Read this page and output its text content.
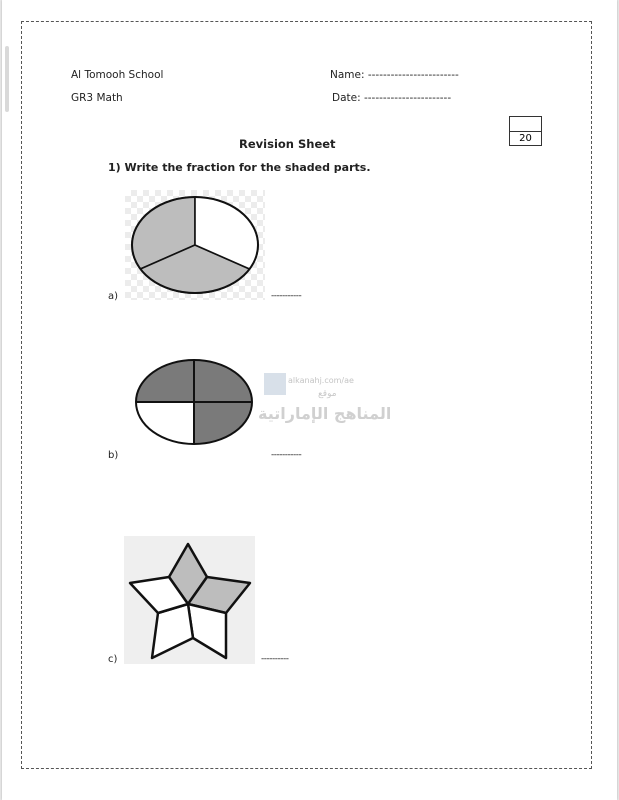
Al Tomooh School
GR3 Math
Name: ------------------------
Date: -----------------------
20
Revision Sheet
1) Write the fraction for the shaded parts.
a)	-----------
b)	-----------
alkanahj.com/ae
موقع
المناهج الإماراتية
c)	----------
